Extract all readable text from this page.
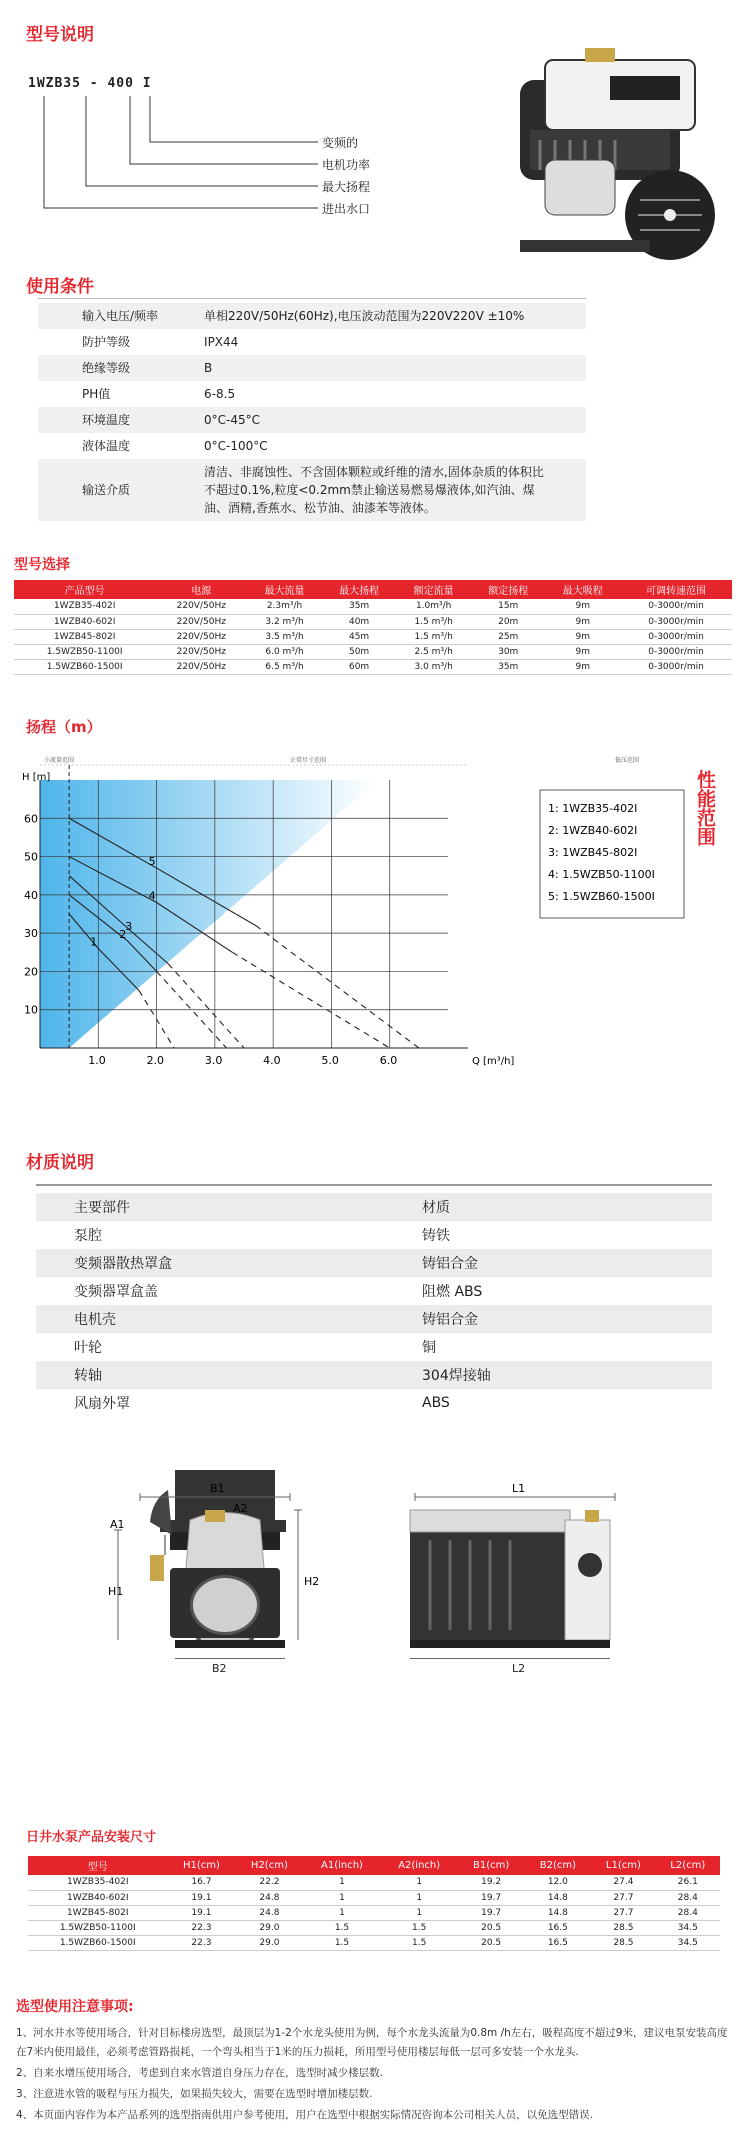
型号说明
1WZB35 - 400 I
变频的
电机功率
最大扬程
进出水口
使用条件
输入电压/频率	单相220V/50Hz(60Hz),电压波动范围为220V220V ±10%
防护等级	IPX44
绝缘等级	B
PH值	6-8.5
环境温度	0°C-45°C
液体温度	0°C-100°C
输送介质	清洁、非腐蚀性、不含固体颗粒或纤维的清水,固体杂质的体积比不超过0.1%,粒度<0.2mm禁止输送易燃易爆液体,如汽油、煤油、酒精,香蕉水、松节油、油漆苯等液体。
型号选择
产品型号	电源	最大流量	最大扬程	额定流量	额定扬程	最大吸程	可调转速范围
1WZB35-402I	220V/50Hz	2.3m³/h	35m	1.0m³/h	15m	9m	0-3000r/min
1WZB40-602I	220V/50Hz	3.2 m³/h	40m	1.5 m³/h	20m	9m	0-3000r/min
1WZB45-802I	220V/50Hz	3.5 m³/h	45m	1.5 m³/h	25m	9m	0-3000r/min
1.5WZB50-1100I	220V/50Hz	6.0 m³/h	50m	2.5 m³/h	30m	9m	0-3000r/min
1.5WZB60-1500I	220V/50Hz	6.5 m³/h	60m	3.0 m³/h	35m	9m	0-3000r/min
扬程（m）
性能范围
小流量范围	正常尽寸范围	低压范围
1.0	2.0	3.0	4.0	5.0	6.0
10
20
30
40
50
60
H [m]
Q [m³/h]
1
2
3
4
5
1: 1WZB35-402I
2: 1WZB40-602I
3: 1WZB45-802I
4: 1.5WZB50-1100I
5: 1.5WZB60-1500I
材质说明
主要部件	材质
泵腔	铸铁
变频器散热罩盒	铸铝合金
变频器罩盒盖	阻燃 ABS
电机壳	铸铝合金
叶轮	铜
转轴	304焊接轴
风扇外罩	ABS
B1
A2
A1
H1
H2
L1
B2	L2
日井水泵产品安装尺寸
型号	H1(cm)	H2(cm)	A1(inch)	A2(inch)	B1(cm)	B2(cm)	L1(cm)	L2(cm)
1WZB35-402I	16.7	22.2	1	1	19.2	12.0	27.4	26.1
1WZB40-602I	19.1	24.8	1	1	19.7	14.8	27.7	28.4
1WZB45-802I	19.1	24.8	1	1	19.7	14.8	27.7	28.4
1.5WZB50-1100I	22.3	29.0	1.5	1.5	20.5	16.5	28.5	34.5
1.5WZB60-1500I	22.3	29.0	1.5	1.5	20.5	16.5	28.5	34.5
选型使用注意事项:
1、河水井水等使用场合，针对目标楼房选型，最顶层为1-2个水龙头使用为例，每个水龙头流量为0.8m /h左右，吸程高度不超过9米，建议电泵安装高度在7米内使用最佳，必须考虑管路损耗，一个弯头相当于1米的压力损耗，所用型号使用楼层每低一层可多安装一个水龙头.
2、自来水增压使用场合，考虑到自来水管道自身压力存在，选型时减少楼层数.
3、注意进水管的吸程与压力损失，如果损失较大，需要在选型时增加楼层数.
4、本页面内容作为本产品系列的选型指南供用户参考使用，用户在选型中根据实际情况咨询本公司相关人员，以免选型错误.
